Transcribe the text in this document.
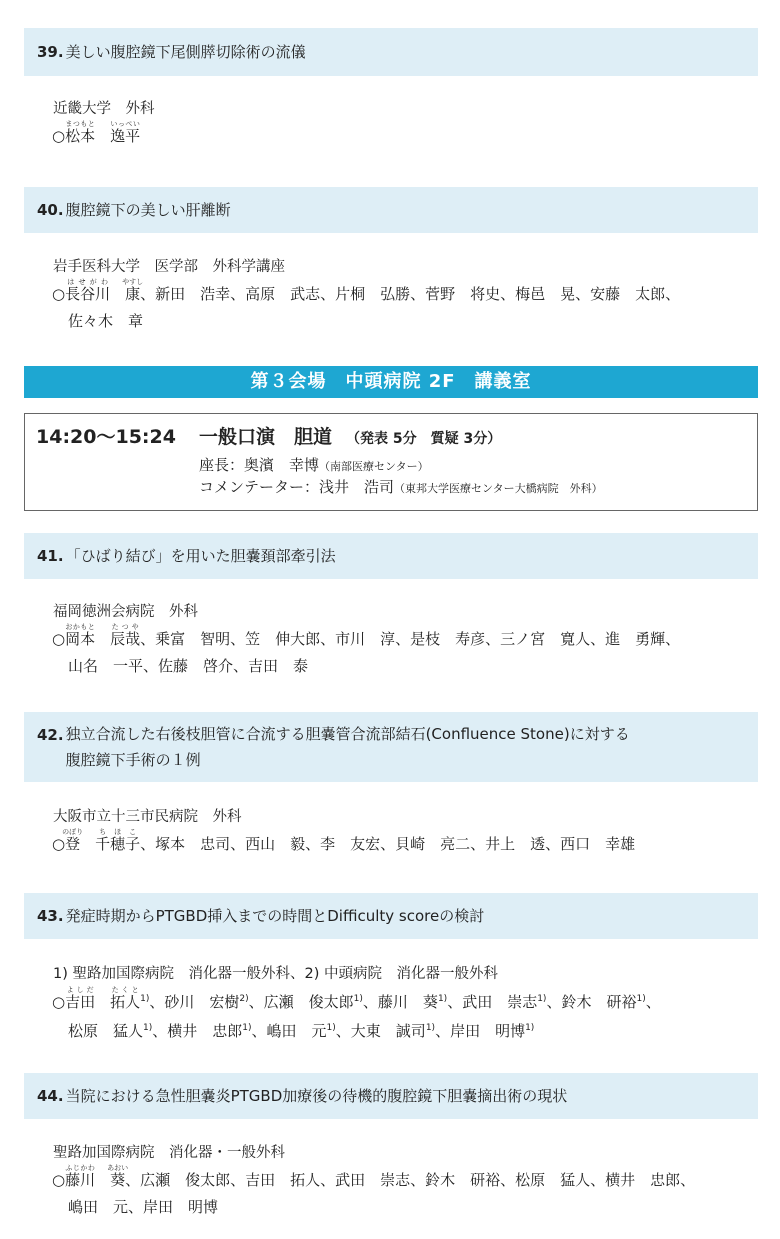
39. 美しい腹腔鏡下尾側膵切除術の流儀
近畿大学　外科
○松本まつもと　逸平いっぺい
40. 腹腔鏡下の美しい肝離断
岩手医科大学　医学部　外科学講座
○長谷川はせがわ　康やすし、新田　浩幸、高原　武志、片桐　弘勝、菅野　将史、梅邑　晃、安藤　太郎、
佐々木　章
第３会場　中頭病院 2F　講義室
14:20〜15:24 一般口演　胆道 （発表 5分　質疑 3分）
座長：奥濱　幸博（南部医療センター）
コメンテーター：浅井　浩司（東邦大学医療センター大橋病院　外科）
41. 「ひばり結び」を用いた胆嚢頚部牽引法
福岡徳洲会病院　外科
○岡本おかもと　辰哉たつや、乗富　智明、笠　伸大郎、市川　淳、是枝　寿彦、三ノ宮　寛人、進　勇輝、
山名　一平、佐藤　啓介、吉田　泰
42. 独立合流した右後枝胆管に合流する胆嚢管合流部結石(Confluence Stone)に対する
腹腔鏡下手術の１例
大阪市立十三市民病院　外科
○登のぼり　千ち穂ほ子こ、塚本　忠司、西山　毅、李　友宏、貝崎　亮二、井上　透、西口　幸雄
43. 発症時期からPTGBD挿入までの時間とDifficulty scoreの検討
1) 聖路加国際病院　消化器一般外科、2) 中頭病院　消化器一般外科
○吉田よしだ　拓人たくと$^{1)}$、砂川　宏樹$^{2)}$、広瀬　俊太郎$^{1)}$、藤川　葵$^{1)}$、武田　崇志$^{1)}$、鈴木　研裕$^{1)}$、
松原　猛人$^{1)}$、横井　忠郎$^{1)}$、嶋田　元$^{1)}$、大東　誠司$^{1)}$、岸田　明博$^{1)}$
44. 当院における急性胆嚢炎PTGBD加療後の待機的腹腔鏡下胆嚢摘出術の現状
聖路加国際病院　消化器・一般外科
○藤川ふじかわ　葵あおい、広瀬　俊太郎、吉田　拓人、武田　崇志、鈴木　研裕、松原　猛人、横井　忠郎、
嶋田　元、岸田　明博
